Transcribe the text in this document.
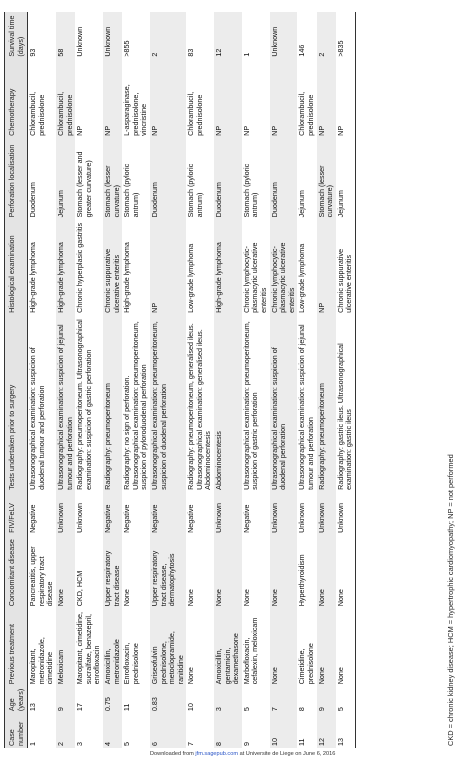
Case number	Age (years)	Previous treatment	Concomitant disease	FIV/FeLV	Tests undertaken prior to surgery	Histological examination	Perforation localisation	Chemotherapy	Survival time (days)
1	13	Maropitant, metronidazole, cimetidine	Pancreatitis, upper respiratory tract disease	Negative	Ultrasonographical examination: suspicion of duodenal tumour and perforation	High-grade lymphoma	Duodenum	Chlorambucil, prednisolone	93
2	9	Meloxicam	None	Unknown	Ultrasonographical examination: suspicion of jejunal tumour and perforation	High-grade lymphoma	Jejunum	Chlorambucil, prednisolone	58
3	17	Maropitant, cimetidine, sucralfate, benazepril, enrofloxacin	CKD, HCM	Unknown	Radiography: pneumoperitoneum. Ultrasonographical examination: suspicion of gastric perforation	Chronic hyperplasic gastritis	Stomach (lesser and greater curvature)	NP	Unknown
4	0.75	Amoxicillin, metronidazole	Upper respiratory tract disease	Negative	Radiography: pneumoperitoneum	Chronic suppurative ulcerative enteritis	Stomach (lesser curvature)	NP	Unknown
5	11	Enrofloxacin, prednisolone	None	Negative	Radiography: no sign of perforation. Ultrasonographical examination: pneumoperitoneum, suspicion of pyloroduodenal perforation	High-grade lymphoma	Stomach (pyloric antrum)	L-asparaginase, prednisolone, vincristine	>855
6	0.83	Griseofulvin prednisolone, metoclopramide, ranitidine	Upper respiratory tract disease, dermatophytosis	Negative	Ultrasonographical examination: pneumoperitoneum, suspicion of duodenal perforation	NP	Duodenum	NP	2
7	10	None	None	Negative	Radiography: pneumoperitoneum, generalised ileus. Ultrasonographical examination: generalised ileus. Abdominocentesis	Low-grade lymphoma	Stomach (pyloric antrum)	Chlorambucil, prednisolone	83
8	3	Amoxicillin, gentamicin, dexamethasone	None	Unknown	Abdominocentesis	High-grade lymphoma	Duodenum	NP	12
9	5	Marbofloxacin, cefalexin, meloxicam	None	Negative	Ultrasonographical examination: pneumoperitoneum, suspicion of gastric perforation	Chronic lymphocytic-plasmacytic ulcerative enteritis	Stomach (pyloric antrum)	NP	1
10	7	None	None	Unknown	Ultrasonographical examination: suspicion of duodenal perforation	Chronic lymphocytic-plasmacytic ulcerative enteritis	Duodenum	NP	Unknown
11	8	Cimetidine, prednisolone	Hyperthyroidism	Unknown	Ultrasonographical examination: suspicion of jejunal tumour and perforation	Low-grade lymphoma	Jejunum	Chlorambucil, prednisolone	146
12	9	None	None	Unknown	Radiography: pneumoperitoneum	NP	Stomach (lesser curvature)	NP	2
13	5	None	None	Unknown	Radiography: gastric ileus. Ultrasonographical examination: gastric ileus	Chronic suppurative ulcerative enteritis	Jejunum	NP	>835
CKD = chronic kidney disease; HCM = hypertrophic cardiomyopathy; NP = not performed
Downloaded from jfm.sagepub.com at Universite de Liege on June 6, 2016
